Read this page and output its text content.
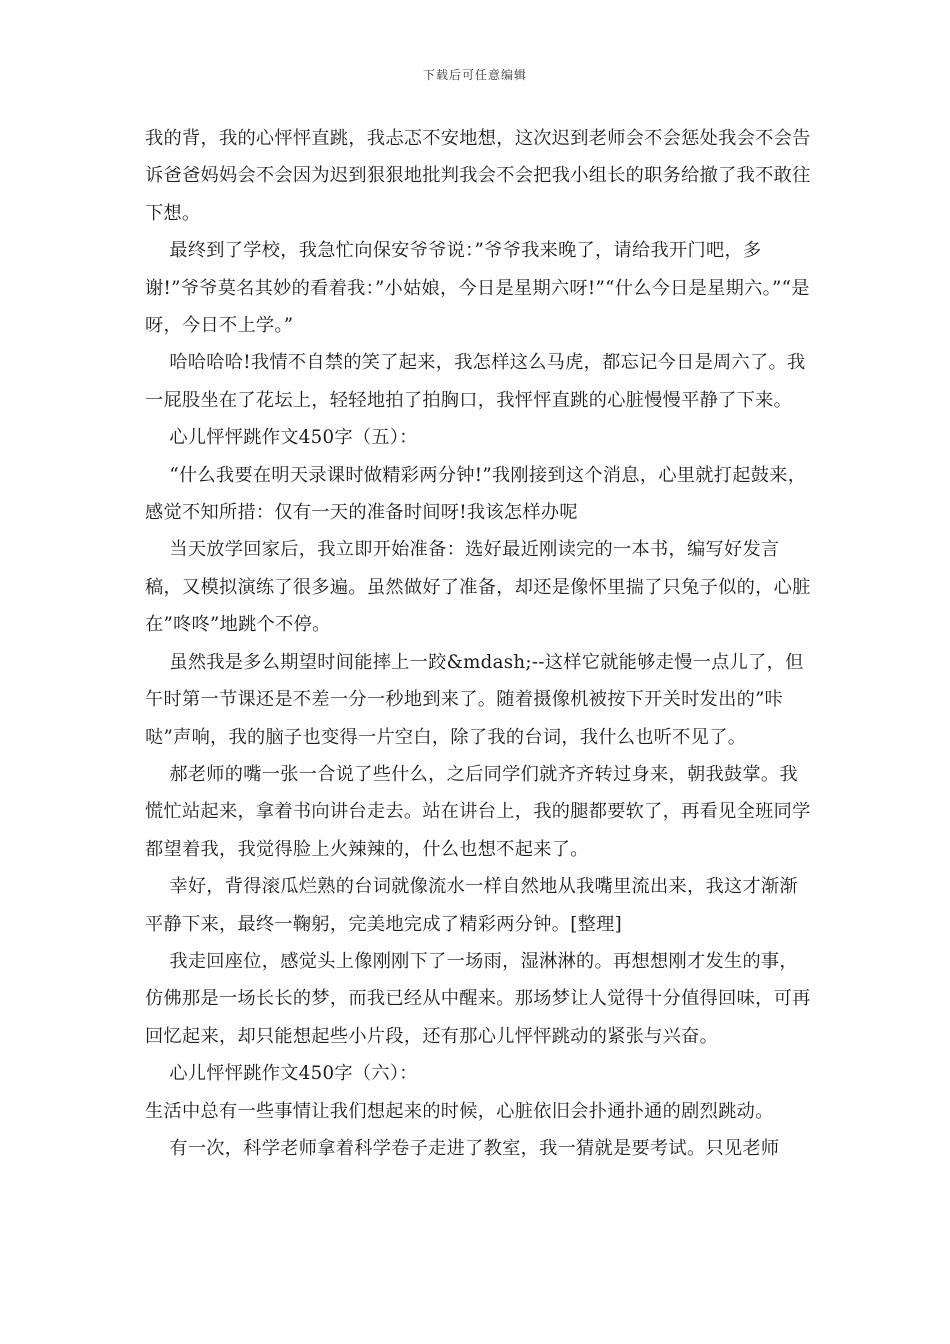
下载后可任意编辑

我的背，我的心怦怦直跳，我忐忑不安地想，这次迟到老师会不会惩处我会不会告诉爸爸妈妈会不会因为迟到狠狠地批判我会不会把我小组长的职务给撤了我不敢往下想。

最终到了学校，我急忙向保安爷爷说：”爷爷我来晚了，请给我开门吧，多谢!”爷爷莫名其妙的看着我：”小姑娘，今日是星期六呀!”“什么今日是星期六。”“是呀，今日不上学。”

哈哈哈哈!我情不自禁的笑了起来，我怎样这么马虎，都忘记今日是周六了。我一屁股坐在了花坛上，轻轻地拍了拍胸口，我怦怦直跳的心脏慢慢平静了下来。

心儿怦怦跳作文450字（五）：

“什么我要在明天录课时做精彩两分钟!”我刚接到这个消息，心里就打起鼓来，感觉不知所措：仅有一天的准备时间呀!我该怎样办呢

当天放学回家后，我立即开始准备：选好最近刚读完的一本书，编写好发言稿，又模拟演练了很多遍。虽然做好了准备，却还是像怀里揣了只兔子似的，心脏在”咚咚”地跳个不停。

虽然我是多么期望时间能摔上一跤&mdash;--这样它就能够走慢一点儿了，但午时第一节课还是不差一分一秒地到来了。随着摄像机被按下开关时发出的”咔哒”声响，我的脑子也变得一片空白，除了我的台词，我什么也听不见了。

郝老师的嘴一张一合说了些什么，之后同学们就齐齐转过身来，朝我鼓掌。我慌忙站起来，拿着书向讲台走去。站在讲台上，我的腿都要软了，再看见全班同学都望着我，我觉得脸上火辣辣的，什么也想不起来了。

幸好，背得滚瓜烂熟的台词就像流水一样自然地从我嘴里流出来，我这才渐渐平静下来，最终一鞠躬，完美地完成了精彩两分钟。[整理]

我走回座位，感觉头上像刚刚下了一场雨，湿淋淋的。再想想刚才发生的事，仿佛那是一场长长的梦，而我已经从中醒来。那场梦让人觉得十分值得回味，可再回忆起来，却只能想起些小片段，还有那心儿怦怦跳动的紧张与兴奋。

心儿怦怦跳作文450字（六）：

生活中总有一些事情让我们想起来的时候，心脏依旧会扑通扑通的剧烈跳动。

有一次，科学老师拿着科学卷子走进了教室，我一猜就是要考试。只见老师
